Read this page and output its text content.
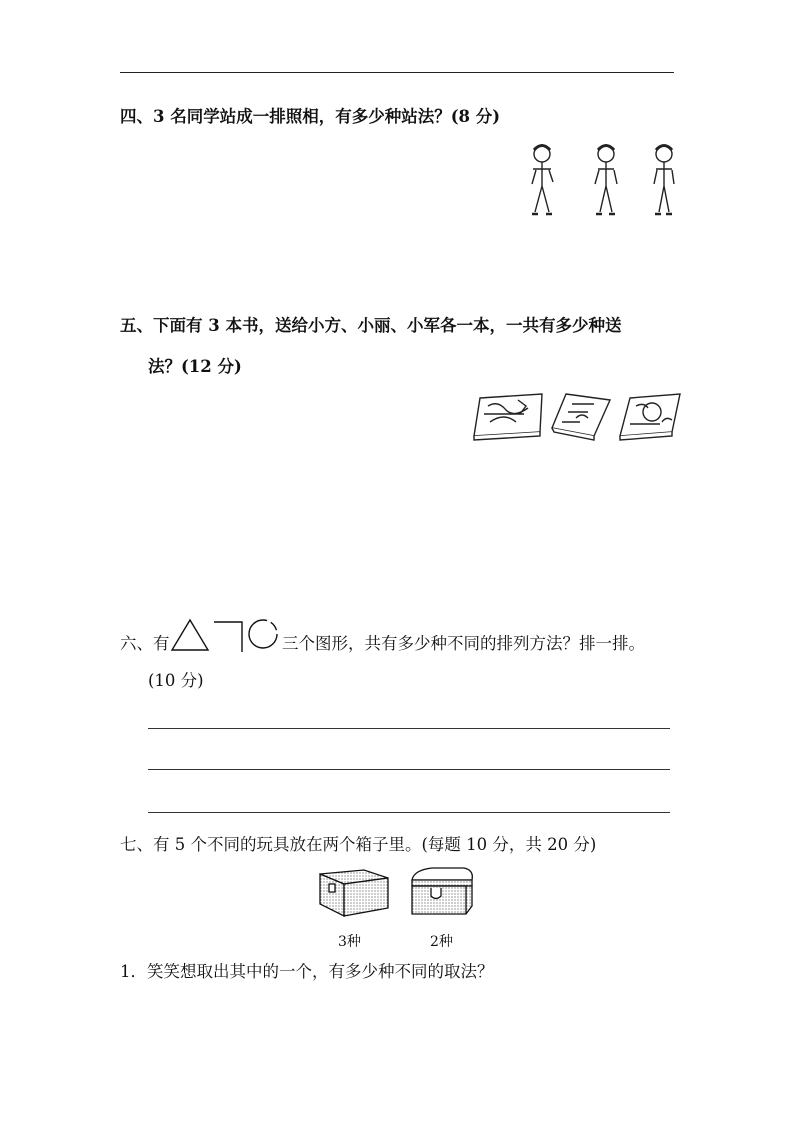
四、3 名同学站成一排照相，有多少种站法？(8 分)
五、下面有 3 本书，送给小方、小丽、小军各一本，一共有多少种送
法？(12 分)
六、有	三个图形，共有多少种不同的排列方法？排一排。
(10 分)
七、有 5 个不同的玩具放在两个箱子里。(每题 10 分，共 20 分)
3种	2种
1．笑笑想取出其中的一个，有多少种不同的取法？
